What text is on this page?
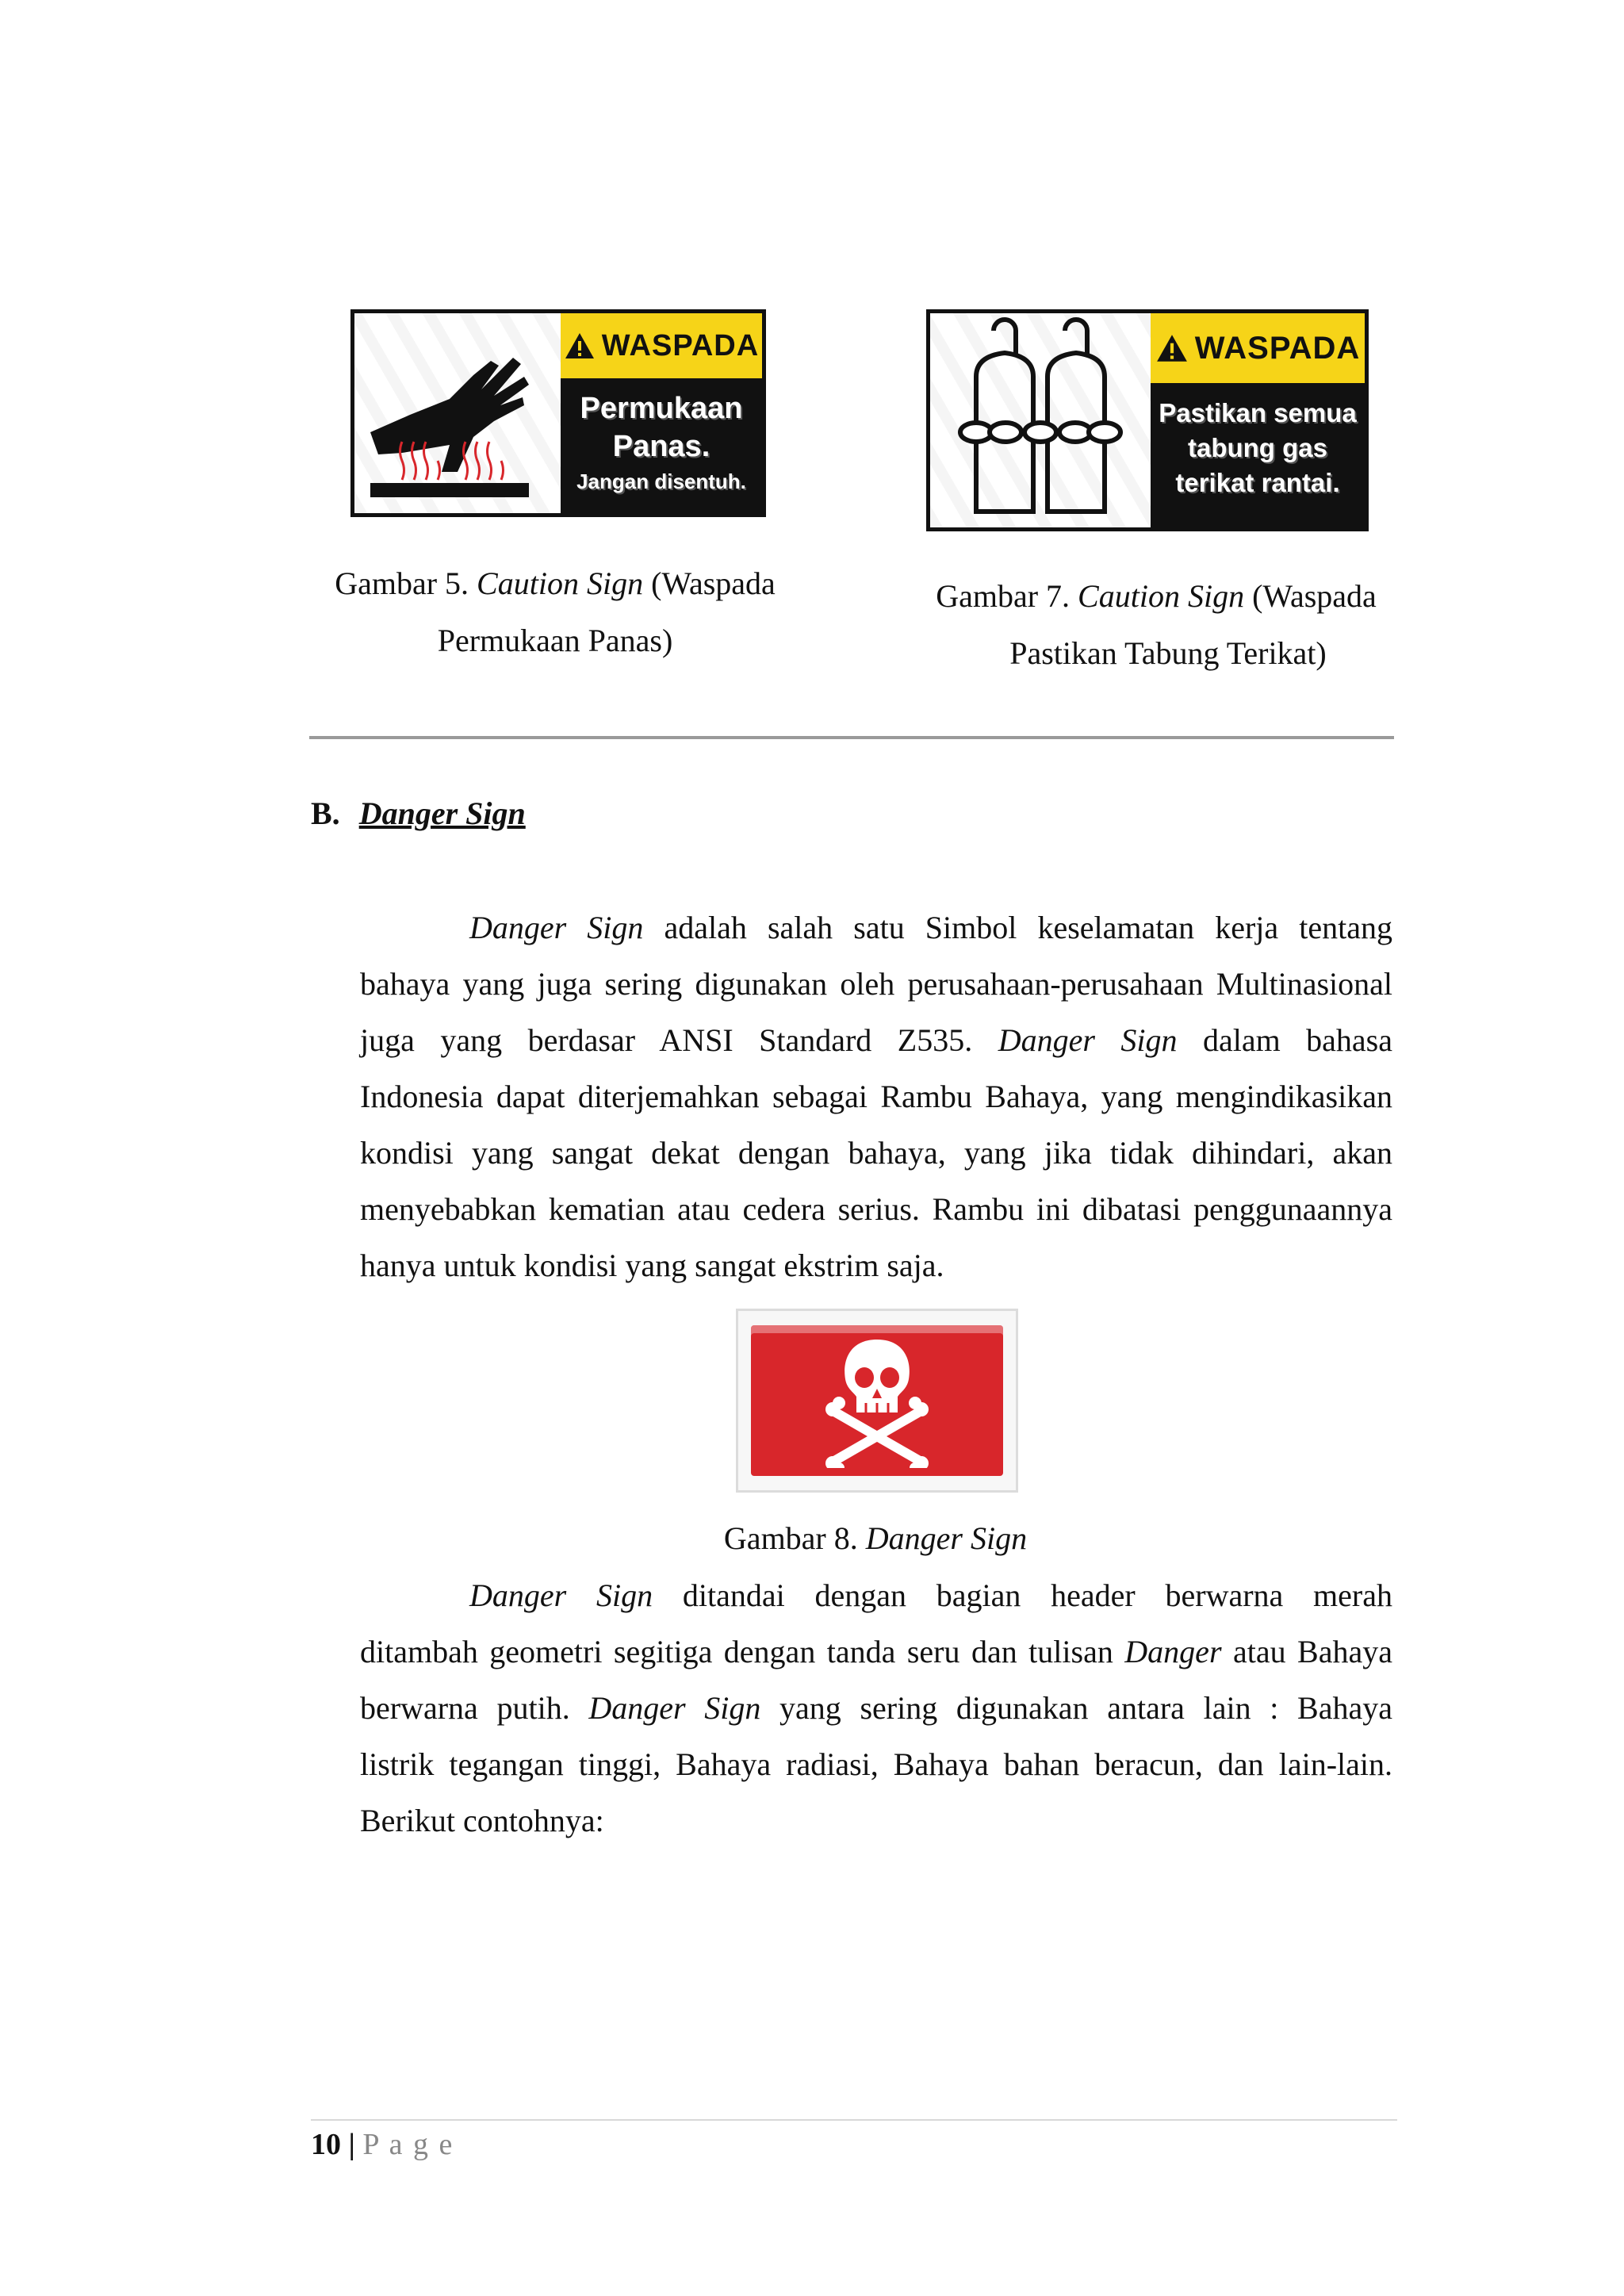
WASPADA
Permukaan
Panas.
Jangan disentuh.
WASPADA
Pastikan semua
tabung gas
terikat rantai.
Gambar 5. Caution Sign (Waspada
Permukaan Panas)
Gambar 7. Caution Sign (Waspada
Pastikan Tabung Terikat)
B. Danger Sign
Danger Sign adalah salah satu Simbol keselamatan kerja tentang
bahaya yang juga sering digunakan oleh perusahaan-perusahaan Multinasional
juga yang berdasar ANSI Standard Z535. Danger Sign dalam bahasa
Indonesia dapat diterjemahkan sebagai Rambu Bahaya, yang mengindikasikan
kondisi yang sangat dekat dengan bahaya, yang jika tidak dihindari, akan
menyebabkan kematian atau cedera serius. Rambu ini dibatasi penggunaannya
hanya untuk kondisi yang sangat ekstrim saja.
Gambar 8. Danger Sign
Danger Sign ditandai dengan bagian header berwarna merah
ditambah geometri segitiga dengan tanda seru dan tulisan Danger atau Bahaya
berwarna putih. Danger Sign yang sering digunakan antara lain : Bahaya
listrik tegangan tinggi, Bahaya radiasi, Bahaya bahan beracun, dan lain-lain.
Berikut contohnya:
10 | P a g e
